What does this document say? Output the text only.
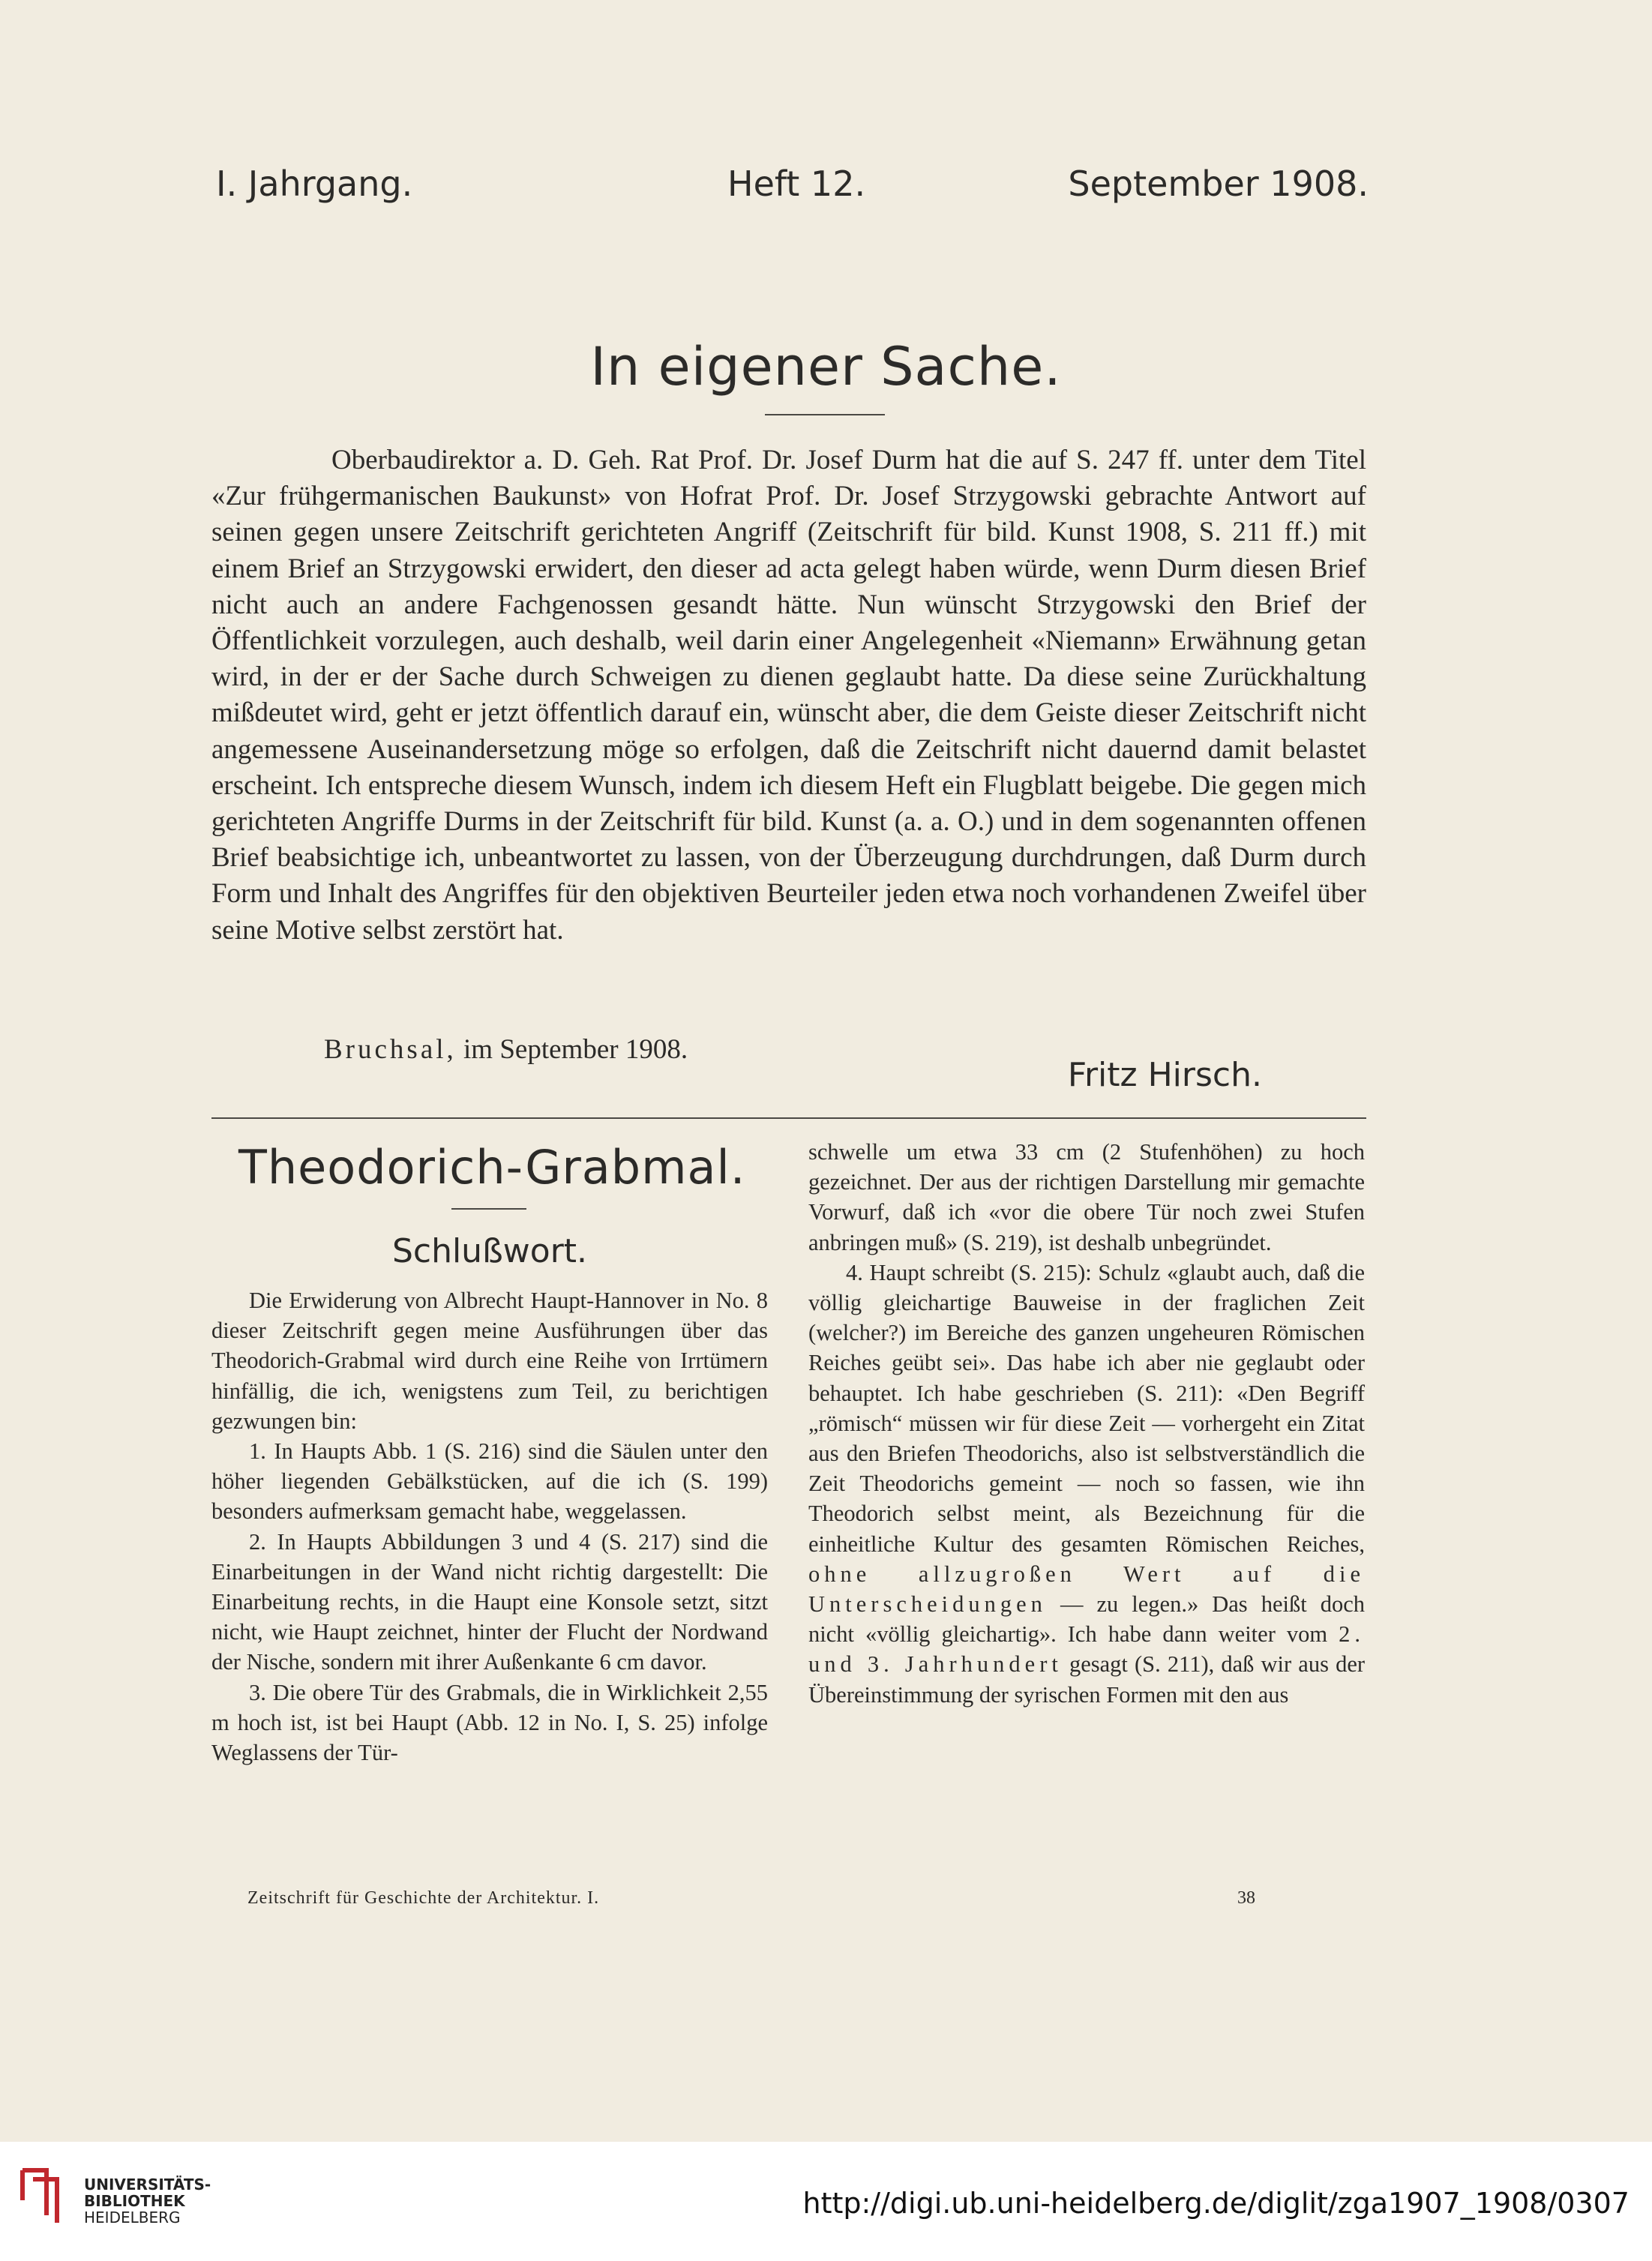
I. Jahrgang.	Heft 12.	September 1908.
In eigener Sache.

Oberbaudirektor a. D. Geh. Rat Prof. Dr. Josef Durm hat die auf S. 247 ff. unter dem Titel «Zur frühgermanischen Baukunst» von Hofrat Prof. Dr. Josef Strzygowski gebrachte Antwort auf seinen gegen unsere Zeitschrift gerichteten Angriff (Zeitschrift für bild. Kunst 1908, S. 211 ff.) mit einem Brief an Strzygowski erwidert, den dieser ad acta gelegt haben würde, wenn Durm diesen Brief nicht auch an andere Fachgenossen gesandt hätte. Nun wünscht Strzygowski den Brief der Öffentlichkeit vorzulegen, auch deshalb, weil darin einer Angelegenheit «Niemann» Erwähnung getan wird, in der er der Sache durch Schweigen zu dienen geglaubt hatte. Da diese seine Zurückhaltung mißdeutet wird, geht er jetzt öffentlich darauf ein, wünscht aber, die dem Geiste dieser Zeitschrift nicht angemessene Auseinandersetzung möge so erfolgen, daß die Zeitschrift nicht dauernd damit belastet erscheint. Ich entspreche diesem Wunsch, indem ich diesem Heft ein Flugblatt beigebe. Die gegen mich gerichteten Angriffe Durms in der Zeitschrift für bild. Kunst (a. a. O.) und in dem sogenannten offenen Brief beabsichtige ich, unbeantwortet zu lassen, von der Überzeugung durchdrungen, daß Durm durch Form und Inhalt des Angriffes für den objektiven Beurteiler jeden etwa noch vorhandenen Zweifel über seine Motive selbst zerstört hat.

Bruchsal, im September 1908.
Fritz Hirsch.
Theodorich-Grabmal.
Schlußwort.

Die Erwiderung von Albrecht Haupt-Hannover in No. 8 dieser Zeitschrift gegen meine Ausführungen über das Theodorich-Grabmal wird durch eine Reihe von Irrtümern hinfällig, die ich, wenigstens zum Teil, zu berichtigen gezwungen bin:

1. In Haupts Abb. 1 (S. 216) sind die Säulen unter den höher liegenden Gebälkstücken, auf die ich (S. 199) besonders aufmerksam gemacht habe, weggelassen.

2. In Haupts Abbildungen 3 und 4 (S. 217) sind die Einarbeitungen in der Wand nicht richtig dargestellt: Die Einarbeitung rechts, in die Haupt eine Konsole setzt, sitzt nicht, wie Haupt zeichnet, hinter der Flucht der Nordwand der Nische, sondern mit ihrer Außenkante 6 cm davor.

3. Die obere Tür des Grabmals, die in Wirklichkeit 2,55 m hoch ist, ist bei Haupt (Abb. 12 in No. I, S. 25) infolge Weglassens der Tür-

schwelle um etwa 33 cm (2 Stufenhöhen) zu hoch gezeichnet. Der aus der richtigen Darstellung mir gemachte Vorwurf, daß ich «vor die obere Tür noch zwei Stufen anbringen muß» (S. 219), ist deshalb unbegründet.

4. Haupt schreibt (S. 215): Schulz «glaubt auch, daß die völlig gleichartige Bauweise in der fraglichen Zeit (welcher?) im Bereiche des ganzen ungeheuren Römischen Reiches geübt sei». Das habe ich aber nie geglaubt oder behauptet. Ich habe geschrieben (S. 211): «Den Begriff „römisch“ müssen wir für diese Zeit — vorhergeht ein Zitat aus den Briefen Theodorichs, also ist selbstverständlich die Zeit Theodorichs gemeint — noch so fassen, wie ihn Theodorich selbst meint, als Bezeichnung für die einheitliche Kultur des gesamten Römischen Reiches, ohne allzugroßen Wert auf die Unterscheidungen — zu legen.» Das heißt doch nicht «völlig gleichartig». Ich habe dann weiter vom 2. und 3. Jahrhundert gesagt (S. 211), daß wir aus der Übereinstimmung der syrischen Formen mit den aus

Zeitschrift für Geschichte der Architektur. I.	38
UNIVERSITÄTS-
BIBLIOTHEK
HEIDELBERG	http://digi.ub.uni-heidelberg.de/diglit/zga1907_1908/0307
